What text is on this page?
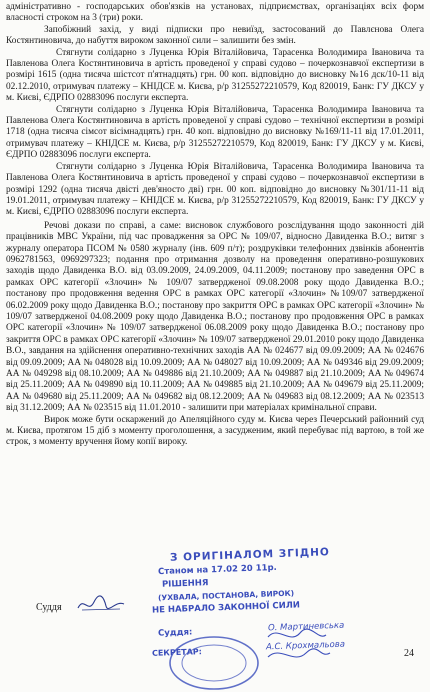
адміністративно - господарських обов'язків на установах, підприємствах, організаціях всіх форм власності строком на 3 (три) роки.

Запобіжний захід, у виді підписки про невиїзд, застосований до Павлєнова Олега Костянтиновича, до набуття вироком законної сили – залишити без змін.

Стягнути солідарно з Луценка Юрія Віталійовича, Тарасенка Володимира Івановича та Павленова Олега Костянтиновича в артість проведеної у справі судово – почеркознавчої експертизи в розмірі 1615 (одна тисяча шістсот п'ятнадцять) грн. 00 коп. відповідно до висновку №16 дск/10-11 від 02.12.2010, отримувач платежу – КНІДСЕ м. Києва, р/р 31255272210579, Код 820019, Банк: ГУ ДКСУ у м. Києві, ЄДРПО 02883096 послуги експерта.

Стягнути солідарно з Луценка Юрія Віталійовича, Тарасенка Володимира Івановича та Павленова Олега Костянтиновича в артість проведеної у справі судово – технічної експертизи в розмірі 1718 (одна тисяча сімсот вісімнадцять) грн. 40 коп. відповідно до висновку №169/11-11 від 17.01.2011, отримувач платежу – КНІДСЕ м. Києва, р/р 31255272210579, Код 820019, Банк: ГУ ДКСУ у м. Києві, ЄДРПО 02883096 послуги експерта.

Стягнути солідарно з Луценка Юрія Віталійовича, Тарасенка Володимира Івановича та Павленова Олега Костянтиновича в артість проведеної у справі судово – почеркознавчої експертизи в розмірі 1292 (одна тисяча двісті дев'яносто дві) грн. 00 коп. відповідно до висновку №301/11-11 від 19.01.2011, отримувач платежу – КНІДСЕ м. Києва, р/р 31255272210579, Код 820019, Банк: ГУ ДКСУ у м. Києві, ЄДРПО 02883096 послуги експерта.

Речові докази по справі, а саме: висновок службового розслідування щодо законності дій працівників МВС України, під час провадження за ОРС № 109/07, відносно Давиденка В.О.; витяг з журналу оператора ПСОМ № 0580 журналу (інв. 609 п/т); роздруківки телефонних дзвінків абонентів 0962781563, 0969297323; подання про отримання дозволу на проведення оперативно-розшукових заходів щодо Давиденка В.О. від 03.09.2009, 24.09.2009, 04.11.2009; постанову про заведення ОРС в рамках ОРС категорії «Злочин» № 109/07 затвердженої 09.08.2008 року щодо Давиденка В.О.; постанову про продовження ведення ОРС в рамках ОРС категорії «Злочин» №109/07 затвердженої 06.02.2009 року щодо Давиденка В.О.; постанову про закриття ОРС в рамках ОРС категорії «Злочин» № 109/07 затвердженої 04.08.2009 року щодо Давиденка В.О.; постанову про продовження ОРС в рамках ОРС категорії «Злочин» № 109/07 затвердженої 06.08.2009 року щодо Давиденка В.О.; постанову про закриття ОРС в рамках ОРС категорії «Злочин» № 109/07 затвердженої 29.01.2010 року щодо Давиденка В.О., завдання на здійснення оперативно-технічних заходів АА № 024677 від 09.09.2009; АА № 024676 від 09.09.2009; АА № 048028 від 10.09.2009; АА № 048027 від 10.09.2009; АА № 049346 від 29.09.2009; АА № 049298 від 08.10.2009; АА № 049886 від 21.10.2009; АА № 049887 від 21.10.2009; АА № 049674 від 25.11.2009; АА № 049890 від 10.11.2009; АА № 049885 від 21.10.2009; АА № 049679 від 25.11.2009; АА № 049680 від 25.11.2009; АА № 049682 від 08.12.2009; АА № 049683 від 08.12.2009; АА № 023513 від 31.12.2009; АА № 023515 від 11.01.2010 - залишити при матеріалах кримінальної справи.

Вирок може бути оскаржений до Апеляційного суду м. Києва через Печерський районний суд м. Києва, протягом 15 діб з моменту проголошення, а засудженим, який перебуває під вартою, в той же строк, з моменту вручення йому копії вироку.

Суддя
З ОРИГІНАЛОМ ЗГІДНО
Станом на 17.02 20 11р.
РІШЕННЯ
(УХВАЛА, ПОСТАНОВА, ВИРОК)
НЕ НАБРАЛО ЗАКОННОЇ СИЛИ
Суддя:
СЕКРЕТАР:
О. Мартиневська
А.С. Крохмальова
24
